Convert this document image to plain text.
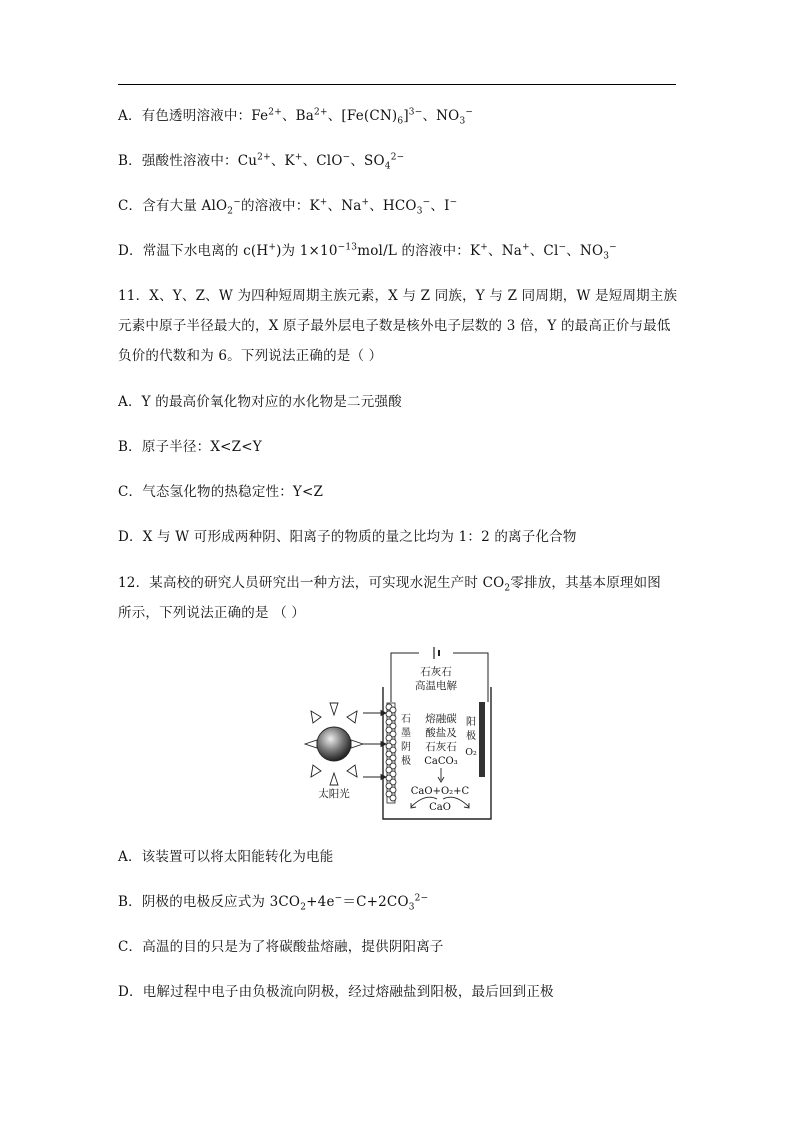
A．有色透明溶液中：$Fe^{2+}$、$Ba^{2+}$、$[Fe(CN)_6]^{3-}$、$NO_3^-$
B．强酸性溶液中：$Cu^{2+}$、K+、ClO−、$SO_4^{2-}$
C．含有大量 AlO$_2$−的溶液中：K+、Na+、$HCO_3^-$、I−
D．常温下水电离的 c(H+)为 $1\times 10^{-13}mol/L$ 的溶液中：K+、Na+、Cl−、$NO_3^-$
11．X、Y、Z、W 为四种短周期主族元素，X 与 Z 同族，Y 与 Z 同周期，W 是短周期主族
元素中原子半径最大的，X 原子最外层电子数是核外电子层数的 3 倍，Y 的最高正价与最低
负价的代数和为 6。下列说法正确的是（ ）
A．Y 的最高价氧化物对应的水化物是二元强酸
B．原子半径：X<Z<Y
C．气态氢化物的热稳定性：Y<Z
D．X 与 W 可形成两种阴、阳离子的物质的量之比均为 1：2 的离子化合物
12．某高校的研究人员研究出一种方法，可实现水泥生产时 $CO_2$零排放，其基本原理如图
所示，下列说法正确的是 （ ）
石灰石
高温电解
石
墨
阴
极
熔融碳
酸盐及
石灰石
CaCO₃
CaO+O₂+C
CaO
阳
极
O₂
太阳光
A．该装置可以将太阳能转化为电能
B．阴极的电极反应式为 $3CO_2+4e^-=C+2CO_3^{2-}$
C．高温的目的只是为了将碳酸盐熔融，提供阴阳离子
D．电解过程中电子由负极流向阴极，经过熔融盐到阳极，最后回到正极
